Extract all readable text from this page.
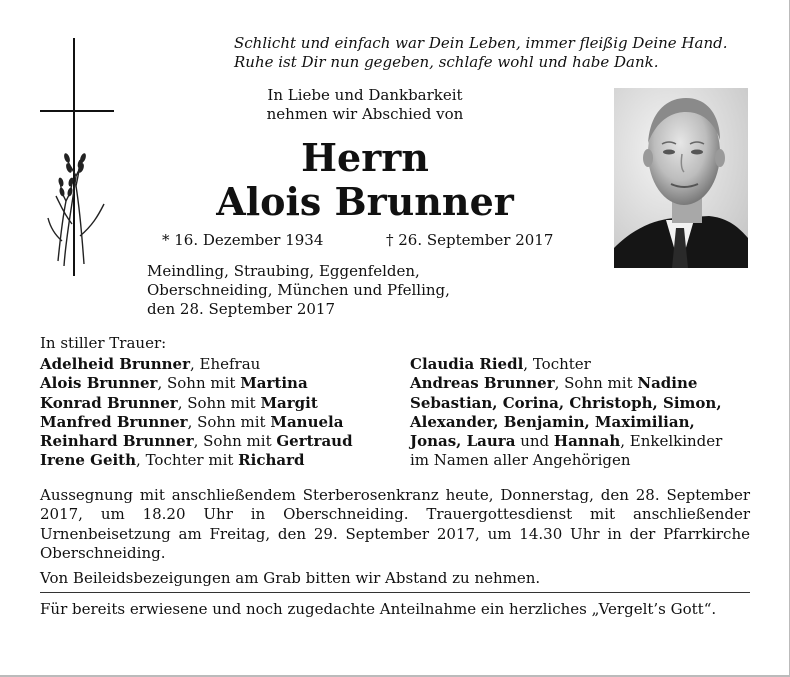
Schlicht und einfach war Dein Leben, immer fleißig Deine Hand.
Ruhe ist Dir nun gegeben, schlafe wohl und habe Dank.
In Liebe und Dankbarkeit
nehmen wir Abschied von
Herrn
Alois Brunner
* 16. Dezember 1934	† 26. September 2017
Meindling, Straubing, Eggenfelden,
Oberschneiding, München und Pfelling,
den 28. September 2017
In stiller Trauer:
Adelheid Brunner, Ehefrau
Alois Brunner, Sohn mit Martina
Konrad Brunner, Sohn mit Margit
Manfred Brunner, Sohn mit Manuela
Reinhard Brunner, Sohn mit Gertraud
Irene Geith, Tochter mit Richard
Claudia Riedl, Tochter
Andreas Brunner, Sohn mit Nadine
Sebastian, Corina, Christoph, Simon,
Alexander, Benjamin, Maximilian,
Jonas, Laura und Hannah, Enkelkinder
im Namen aller Angehörigen
Aussegnung mit anschließendem Sterberosenkranz heute, Donnerstag, den 28. September 2017, um 18.20 Uhr in Oberschneiding. Trauergottesdienst mit anschließender Urnenbeisetzung am Freitag, den 29. September 2017, um 14.30 Uhr in der Pfarrkirche Oberschneiding.
Von Beileidsbezeigungen am Grab bitten wir Abstand zu nehmen.
Für bereits erwiesene und noch zugedachte Anteilnahme ein herzliches „Vergelt’s Gott“.
